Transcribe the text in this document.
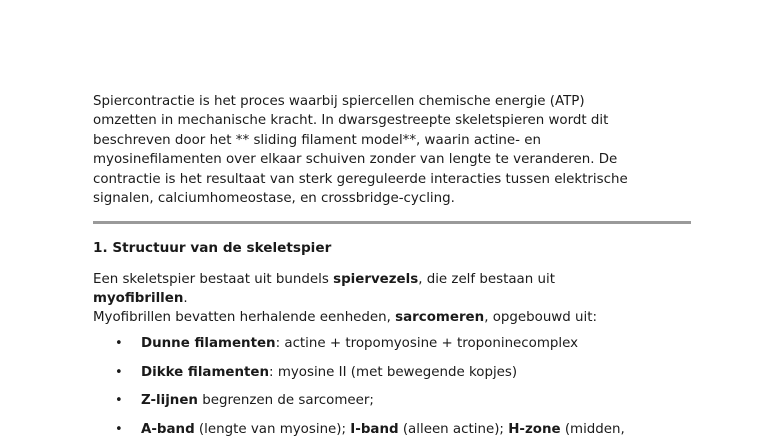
Spiercontractie is het proces waarbij spiercellen chemische energie (ATP)
omzetten in mechanische kracht. In dwarsgestreepte skeletspieren wordt dit
beschreven door het ** sliding filament model**, waarin actine- en
myosinefilamenten over elkaar schuiven zonder van lengte te veranderen. De
contractie is het resultaat van sterk gereguleerde interacties tussen elektrische
signalen, calciumhomeostase, en crossbridge-cycling.

1. Structuur van de skeletspier

Een skeletspier bestaat uit bundels spiervezels, die zelf bestaan uit
myofibrillen.
Myofibrillen bevatten herhalende eenheden, sarcomeren, opgebouwd uit:

• Dunne filamenten: actine + tropomyosine + troponinecomplex
• Dikke filamenten: myosine II (met bewegende kopjes)
• Z-lijnen begrenzen de sarcomeer;
• A-band (lengte van myosine); I-band (alleen actine); H-zone (midden,
